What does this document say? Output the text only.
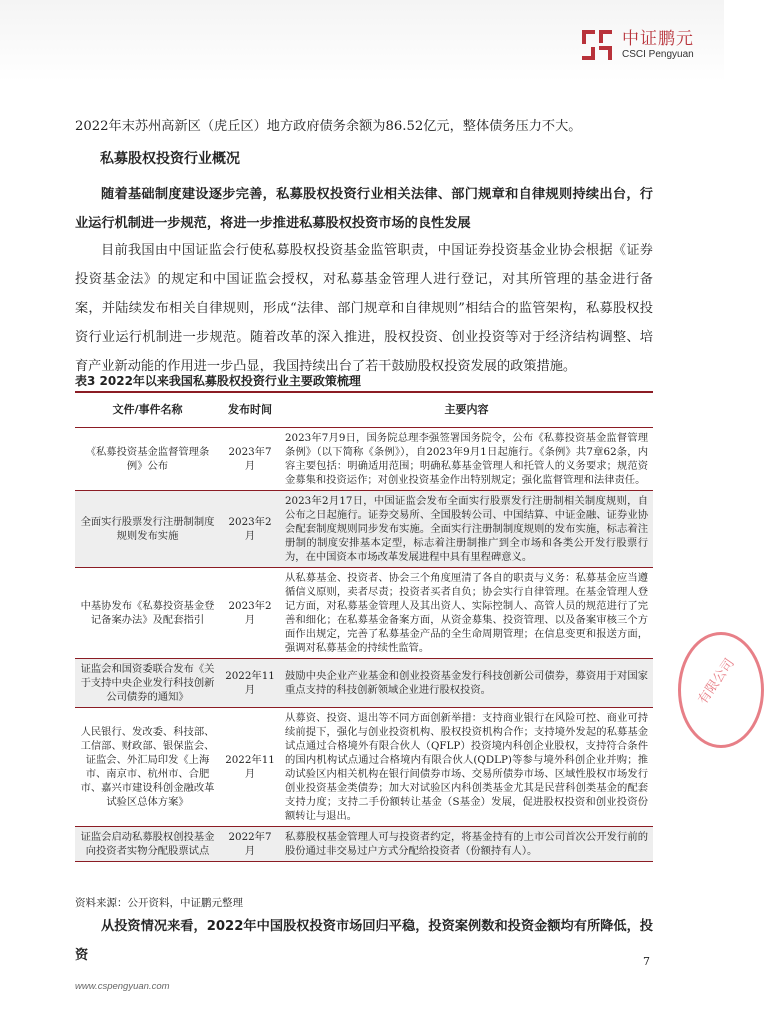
中证鹏元
CSCI Pengyuan
2022年末苏州高新区（虎丘区）地方政府债务余额为86.52亿元，整体债务压力不大。
私募股权投资行业概况
随着基础制度建设逐步完善，私募股权投资行业相关法律、部门规章和自律规则持续出台，行业运行机制进一步规范，将进一步推进私募股权投资市场的良性发展
目前我国由中国证监会行使私募股权投资基金监管职责，中国证券投资基金业协会根据《证券投资基金法》的规定和中国证监会授权，对私募基金管理人进行登记，对其所管理的基金进行备案，并陆续发布相关自律规则，形成“法律、部门规章和自律规则”相结合的监管架构，私募股权投资行业运行机制进一步规范。随着改革的深入推进，股权投资、创业投资等对于经济结构调整、培育产业新动能的作用进一步凸显，我国持续出台了若干鼓励股权投资发展的政策措施。
表3 2022年以来我国私募股权投资行业主要政策梳理
文件/事件名称	发布时间	主要内容
《私募投资基金监督管理条例》公布	2023年7月	2023年7月9日，国务院总理李强签署国务院令，公布《私募投资基金监督管理条例》（以下简称《条例》），自2023年9月1日起施行。《条例》共7章62条，内容主要包括：明确适用范围；明确私募基金管理人和托管人的义务要求；规范资金募集和投资运作；对创业投资基金作出特别规定；强化监督管理和法律责任。
全面实行股票发行注册制制度规则发布实施	2023年2月	2023年2月17日，中国证监会发布全面实行股票发行注册制相关制度规则，自公布之日起施行。证券交易所、全国股转公司、中国结算、中证金融、证券业协会配套制度规则同步发布实施。全面实行注册制制度规则的发布实施，标志着注册制的制度安排基本定型，标志着注册制推广到全市场和各类公开发行股票行为，在中国资本市场改革发展进程中具有里程碑意义。
中基协发布《私募投资基金登记备案办法》及配套指引	2023年2月	从私募基金、投资者、协会三个角度厘清了各自的职责与义务：私募基金应当遵循信义原则，卖者尽责；投资者买者自负；协会实行自律管理。在基金管理人登记方面，对私募基金管理人及其出资人、实际控制人、高管人员的规范进行了完善和细化；在私募基金备案方面，从资金募集、投资管理、以及备案审核三个方面作出规定，完善了私募基金产品的全生命周期管理；在信息变更和报送方面，强调对私募基金的持续性监管。
证监会和国资委联合发布《关于支持中央企业发行科技创新公司债券的通知》	2022年11月	鼓励中央企业产业基金和创业投资基金发行科技创新公司债券，募资用于对国家重点支持的科技创新领域企业进行股权投资。
人民银行、发改委、科技部、工信部、财政部、银保监会、证监会、外汇局印发《上海市、南京市、杭州市、合肥市、嘉兴市建设科创金融改革试验区总体方案》	2022年11月	从募资、投资、退出等不同方面创新举措：支持商业银行在风险可控、商业可持续前提下，强化与创业投资机构、股权投资机构合作；支持境外发起的私募基金试点通过合格境外有限合伙人（QFLP）投资境内科创企业股权，支持符合条件的国内机构试点通过合格境内有限合伙人(QDLP)等参与境外科创企业并购；推动试验区内相关机构在银行间债券市场、交易所债券市场、区域性股权市场发行创业投资基金类债券；加大对试验区内科创类基金尤其是民营科创类基金的配套支持力度；支持二手份额转让基金（S基金）发展，促进股权投资和创业投资份额转让与退出。
证监会启动私募股权创投基金向投资者实物分配股票试点	2022年7月	私募股权基金管理人可与投资者约定，将基金持有的上市公司首次公开发行前的股份通过非交易过户方式分配给投资者（份额持有人）。
资料来源：公开资料，中证鹏元整理
从投资情况来看，2022年中国股权投资市场回归平稳，投资案例数和投资金额均有所降低，投资
有限公司
7
www.cspengyuan.com
